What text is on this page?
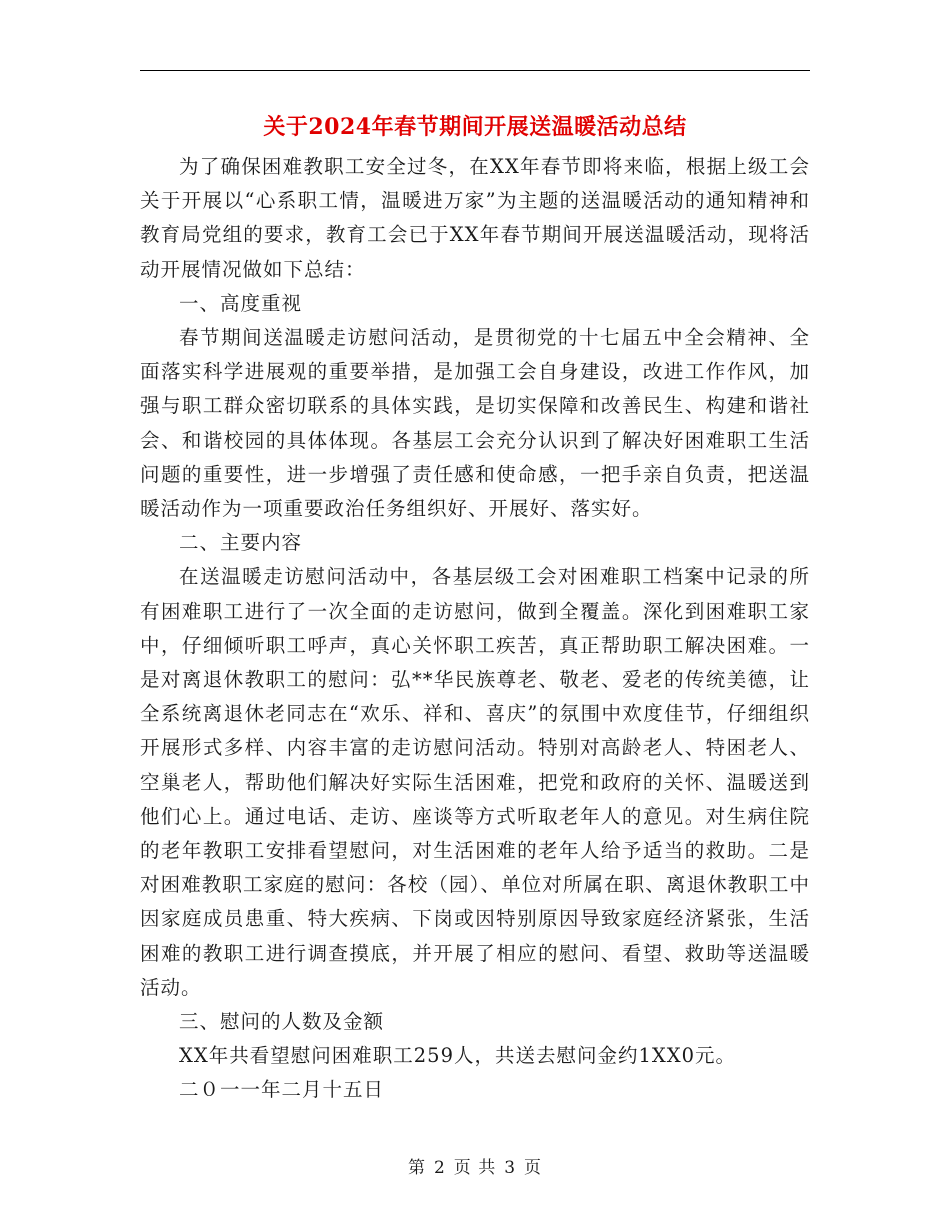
关于2024年春节期间开展送温暖活动总结

为了确保困难教职工安全过冬，在XX年春节即将来临，根据上级工会关于开展以“心系职工情，温暖进万家”为主题的送温暖活动的通知精神和教育局党组的要求，教育工会已于XX年春节期间开展送温暖活动，现将活动开展情况做如下总结：

一、高度重视

春节期间送温暖走访慰问活动，是贯彻党的十七届五中全会精神、全面落实科学进展观的重要举措，是加强工会自身建设，改进工作作风，加强与职工群众密切联系的具体实践，是切实保障和改善民生、构建和谐社会、和谐校园的具体体现。各基层工会充分认识到了解决好困难职工生活问题的重要性，进一步增强了责任感和使命感，一把手亲自负责，把送温暖活动作为一项重要政治任务组织好、开展好、落实好。

二、主要内容

在送温暖走访慰问活动中，各基层级工会对困难职工档案中记录的所有困难职工进行了一次全面的走访慰问，做到全覆盖。深化到困难职工家中，仔细倾听职工呼声，真心关怀职工疾苦，真正帮助职工解决困难。一是对离退休教职工的慰问：弘**华民族尊老、敬老、爱老的传统美德，让全系统离退休老同志在“欢乐、祥和、喜庆”的氛围中欢度佳节，仔细组织开展形式多样、内容丰富的走访慰问活动。特别对高龄老人、特困老人、空巢老人，帮助他们解决好实际生活困难，把党和政府的关怀、温暖送到他们心上。通过电话、走访、座谈等方式听取老年人的意见。对生病住院的老年教职工安排看望慰问，对生活困难的老年人给予适当的救助。二是对困难教职工家庭的慰问：各校（园）、单位对所属在职、离退休教职工中因家庭成员患重、特大疾病、下岗或因特别原因导致家庭经济紧张，生活困难的教职工进行调查摸底，并开展了相应的慰问、看望、救助等送温暖活动。

三、慰问的人数及金额

XX年共看望慰问困难职工259人，共送去慰问金约1XX0元。

二０一一年二月十五日

第 2 页 共 3 页
